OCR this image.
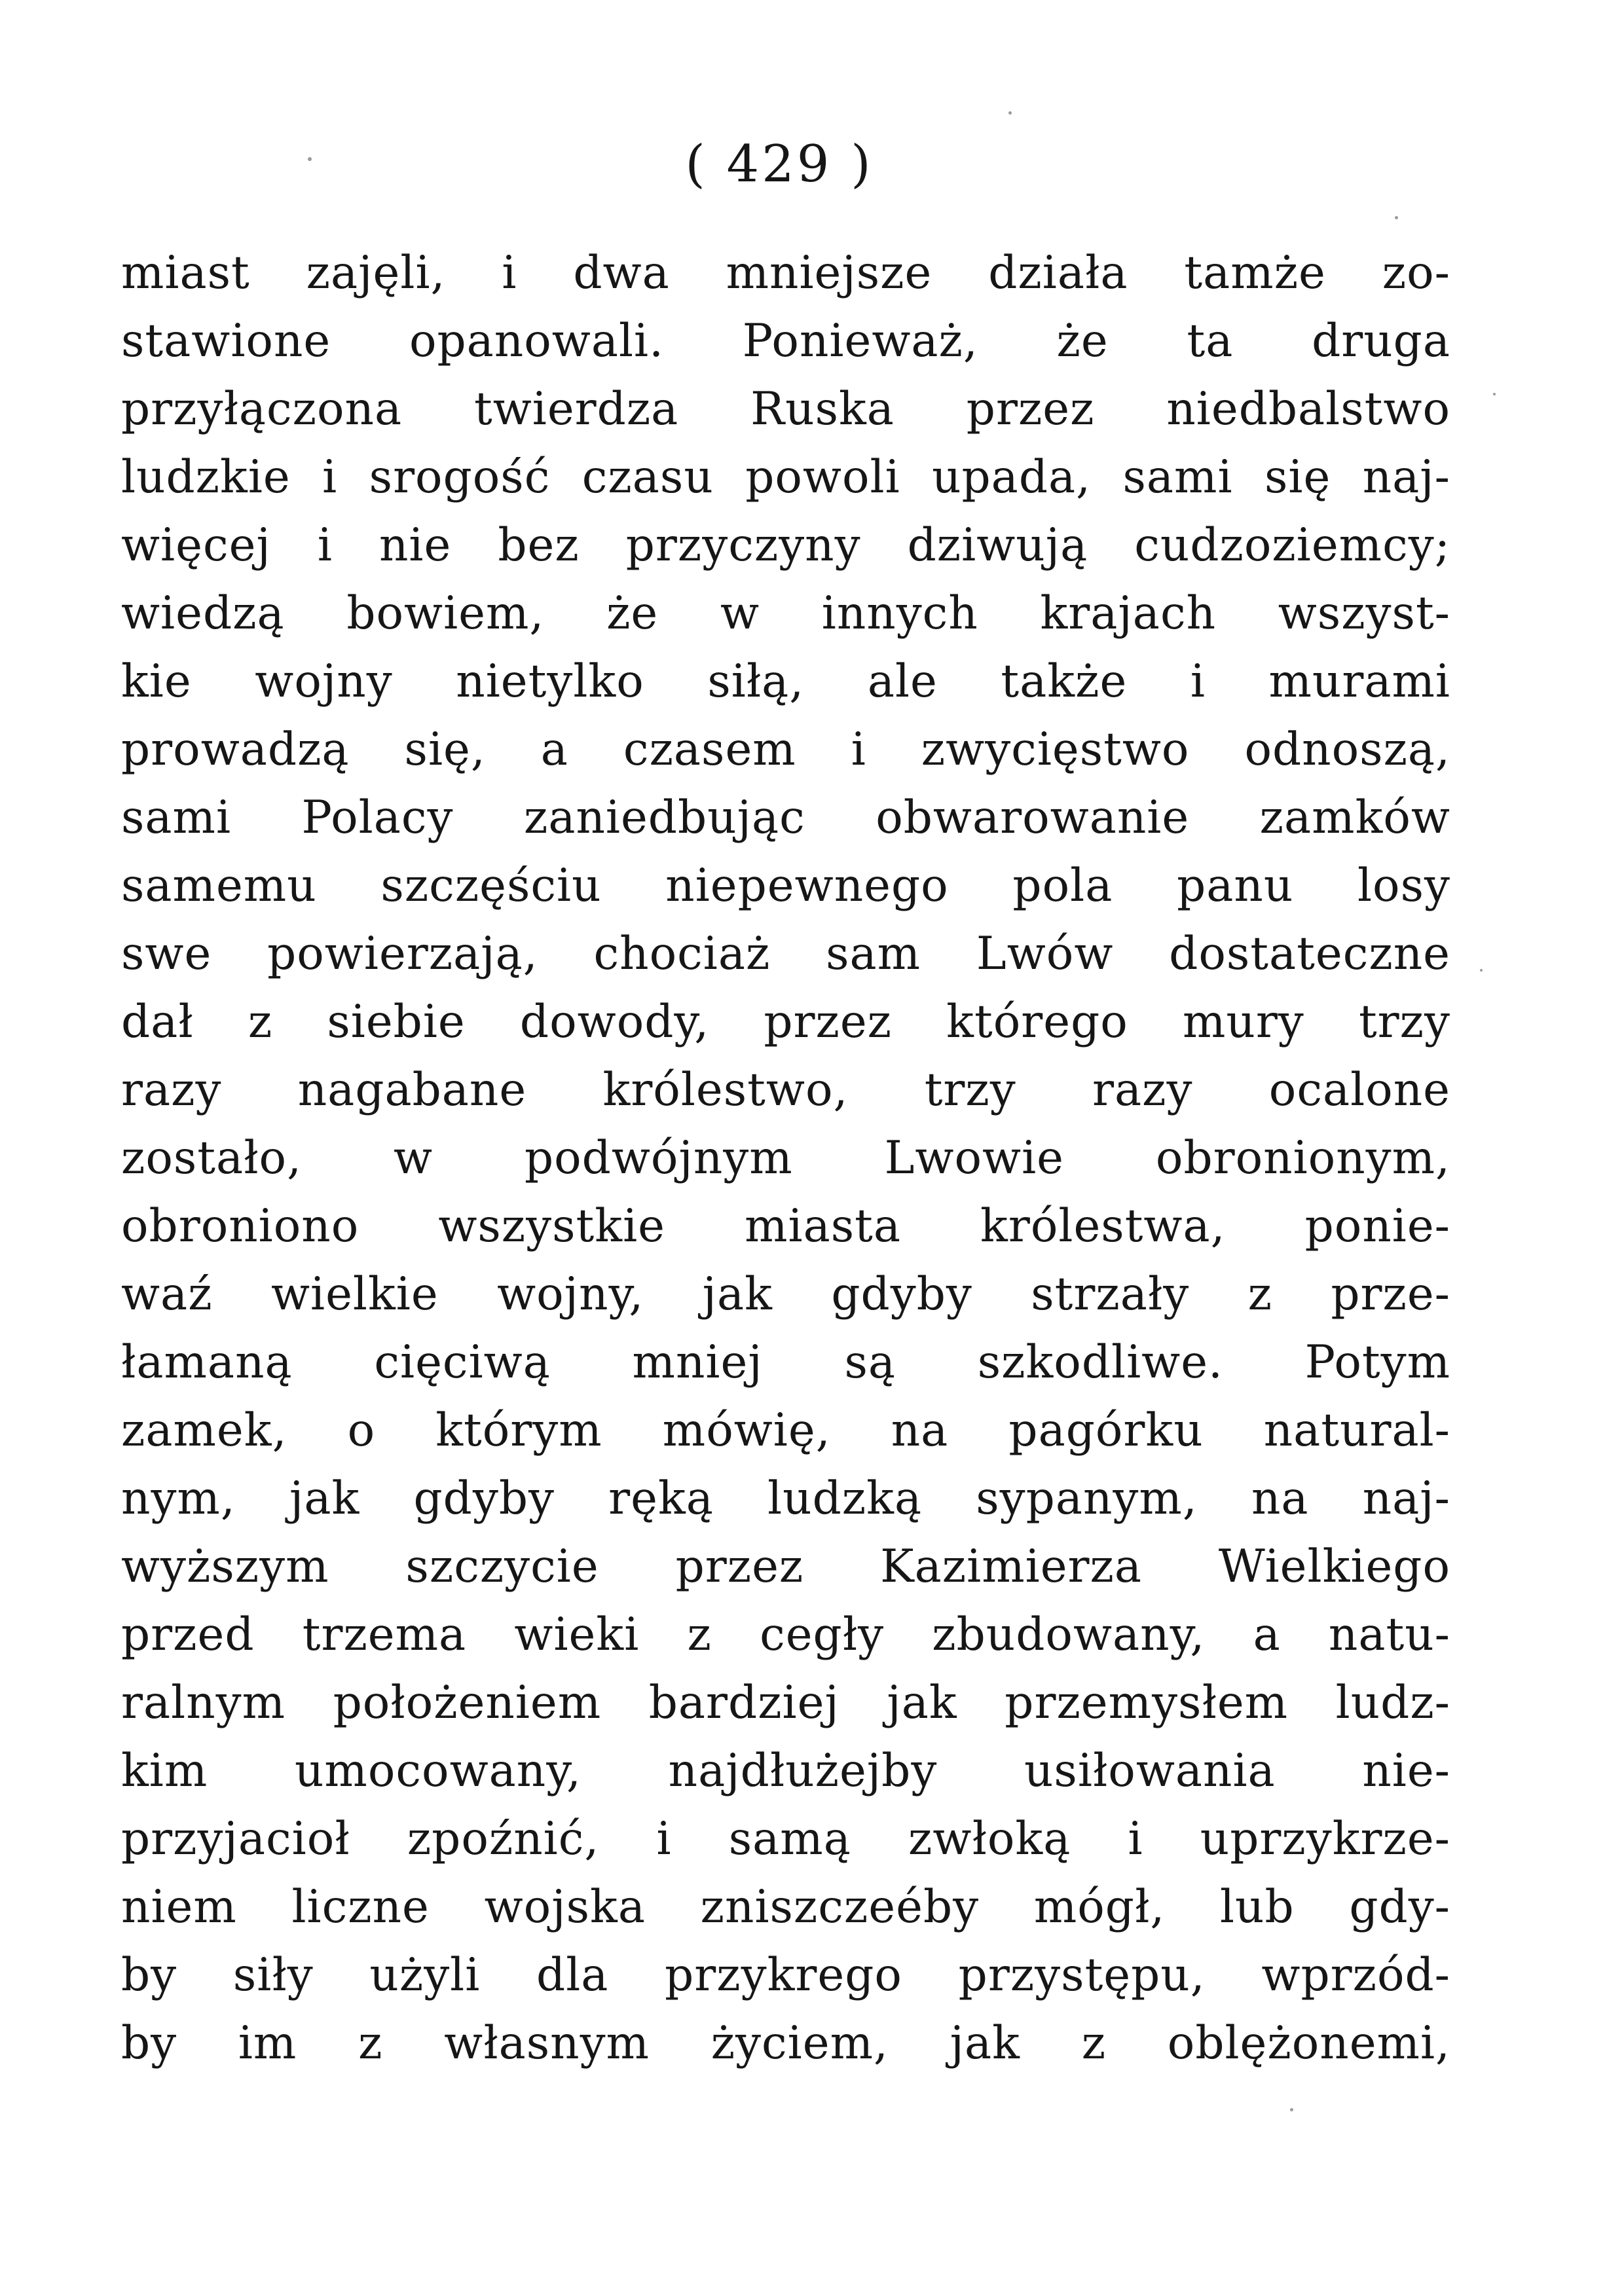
( 429 )
miast zajęli, i dwa mniejsze działa tamże zo-
stawione opanowali. Ponieważ, że ta druga
przyłączona twierdza Ruska przez niedbalstwo
ludzkie i srogość czasu powoli upada, sami się naj-
więcej i nie bez przyczyny dziwują cudzoziemcy;
wiedzą bowiem, że w innych krajach wszyst-
kie wojny nietylko siłą, ale także i murami
prowadzą się, a czasem i zwycięstwo odnoszą,
sami Polacy zaniedbując obwarowanie zamków
samemu szczęściu niepewnego pola panu losy
swe powierzają, chociaż sam Lwów dostateczne
dał z siebie dowody, przez którego mury trzy
razy nagabane królestwo, trzy razy ocalone
zostało, w podwójnym Lwowie obronionym,
obroniono wszystkie miasta królestwa, ponie-
waź wielkie wojny, jak gdyby strzały z prze-
łamaną cięciwą mniej są szkodliwe. Potym
zamek, o którym mówię, na pagórku natural-
nym, jak gdyby ręką ludzką sypanym, na naj-
wyższym szczycie przez Kazimierza Wielkiego
przed trzema wieki z cegły zbudowany, a natu-
ralnym położeniem bardziej jak przemysłem ludz-
kim umocowany, najdłużejby usiłowania nie-
przyjacioł zpoźnić, i samą zwłoką i uprzykrze-
niem liczne wojska zniszczeéby mógł, lub gdy-
by siły użyli dla przykrego przystępu, wprzód-
by im z własnym życiem, jak z oblężonemi,
